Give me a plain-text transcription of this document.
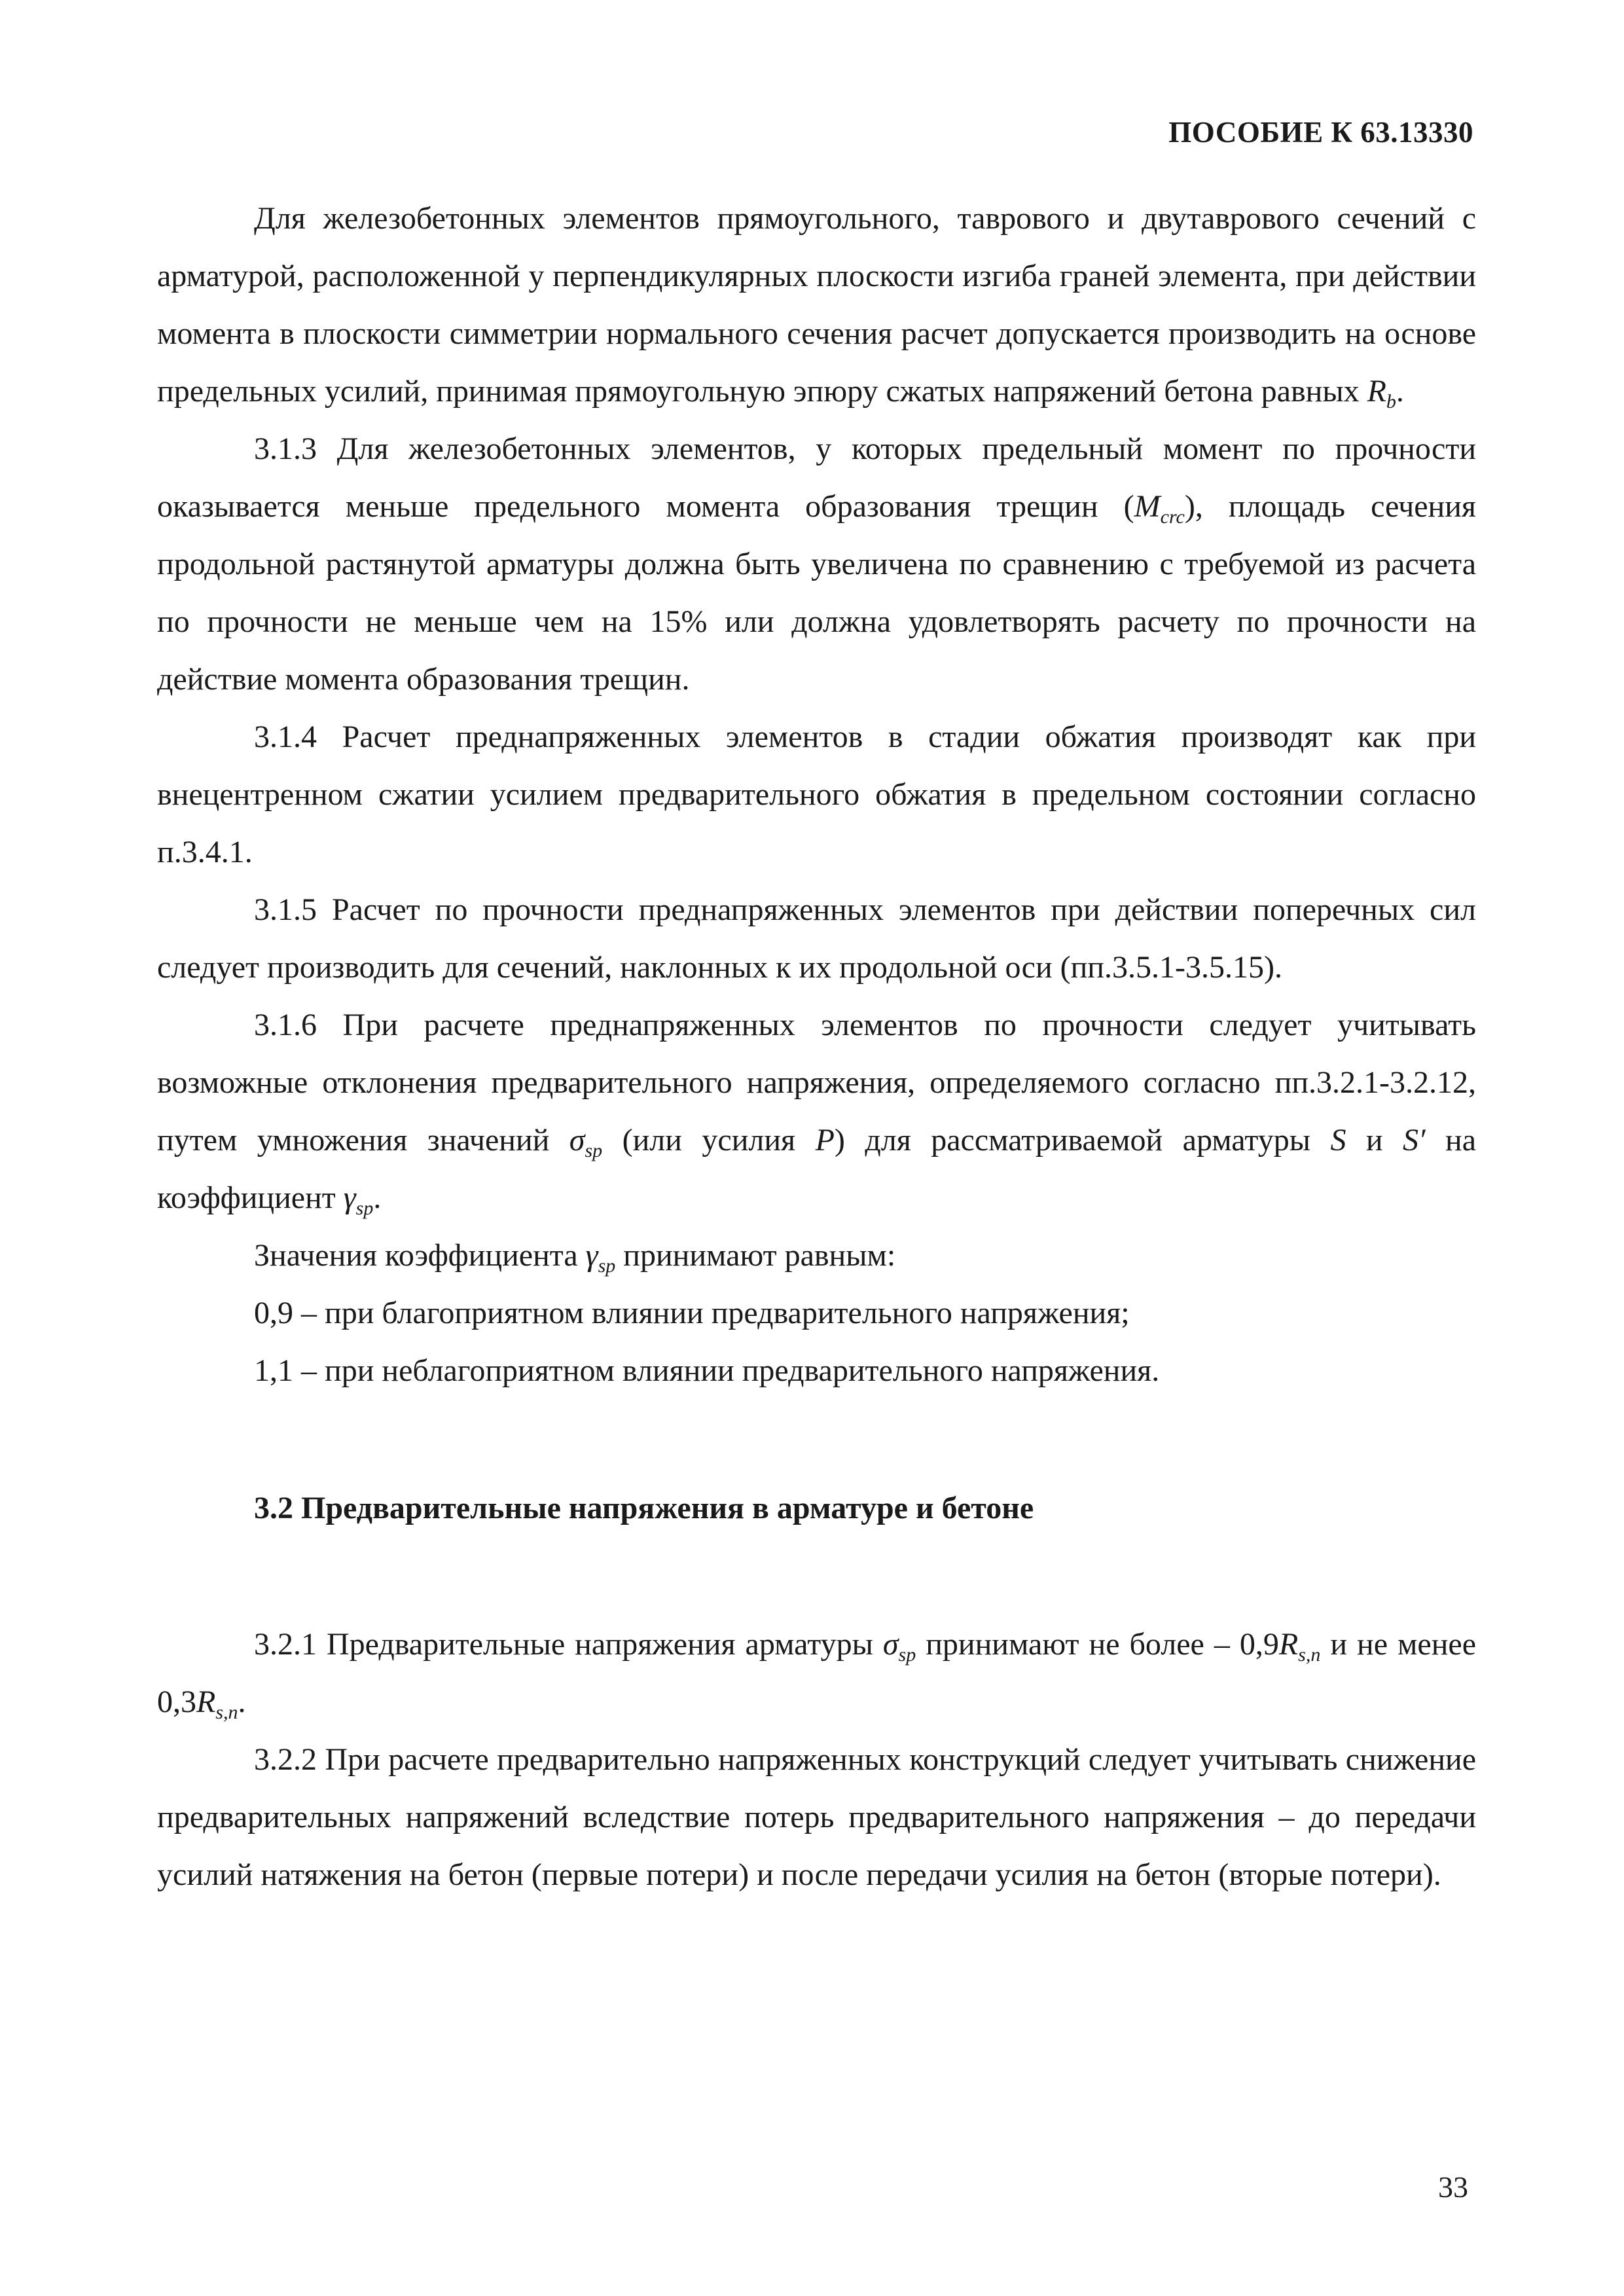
ПОСОБИЕ К 63.13330

Для железобетонных элементов прямоугольного, таврового и двутаврового сечений с арматурой, расположенной у перпендикулярных плоскости изгиба граней элемента, при действии момента в плоскости симметрии нормального сечения расчет допускается производить на основе предельных усилий, принимая прямоугольную эпюру сжатых напряжений бетона равных $R_b$.

3.1.3 Для железобетонных элементов, у которых предельный момент по прочности оказывается меньше предельного момента образования трещин $(M_{crc})$, площадь сечения продольной растянутой арматуры должна быть увеличена по сравнению с требуемой из расчета по прочности не меньше чем на 15% или должна удовлетворять расчету по прочности на действие момента образования трещин.

3.1.4 Расчет преднапряженных элементов в стадии обжатия производят как при внецентренном сжатии усилием предварительного обжатия в предельном состоянии согласно п.3.4.1.

3.1.5 Расчет по прочности преднапряженных элементов при действии поперечных сил следует производить для сечений, наклонных к их продольной оси (пп.3.5.1-3.5.15).

3.1.6 При расчете преднапряженных элементов по прочности следует учитывать возможные отклонения предварительного напряжения, определяемого согласно пп.3.2.1-3.2.12, путем умножения значений $\sigma_{sp}$ (или усилия P) для рассматриваемой арматуры S и S′ на коэффициент $\gamma_{sp}$.

Значения коэффициента $\gamma_{sp}$ принимают равным:

0,9 – при благоприятном влиянии предварительного напряжения;

1,1 – при неблагоприятном влиянии предварительного напряжения.

3.2 Предварительные напряжения в арматуре и бетоне

3.2.1 Предварительные напряжения арматуры $\sigma_{sp}$ принимают не более – $0,9R_{s,n}$ и не менее $0,3R_{s,n}$.

3.2.2 При расчете предварительно напряженных конструкций следует учитывать снижение предварительных напряжений вследствие потерь предварительного напряжения – до передачи усилий натяжения на бетон (первые потери) и после передачи усилия на бетон (вторые потери).

33
